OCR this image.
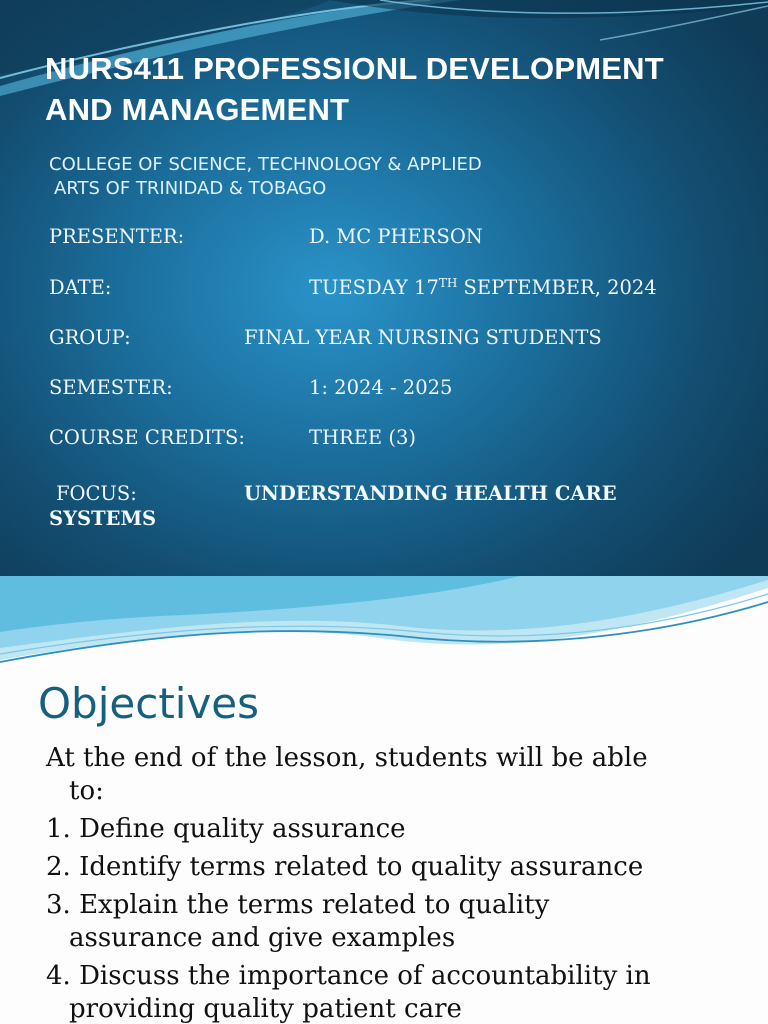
NURS411 PROFESSIONL DEVELOPMENT
AND MANAGEMENT
COLLEGE OF SCIENCE, TECHNOLOGY & APPLIED
ARTS OF TRINIDAD & TOBAGO
PRESENTER:	D. MC PHERSON
DATE:	TUESDAY 17TH SEPTEMBER, 2024
GROUP:	FINAL YEAR NURSING STUDENTS
SEMESTER:	1: 2024 - 2025
COURSE CREDITS:	THREE (3)
FOCUS:	UNDERSTANDING HEALTH CARE
SYSTEMS
Objectives

At the end of the lesson, students will be able
to:

1. Define quality assurance
2. Identify terms related to quality assurance
3. Explain the terms related to quality
assurance and give examples
4. Discuss the importance of accountability in
providing quality patient care
